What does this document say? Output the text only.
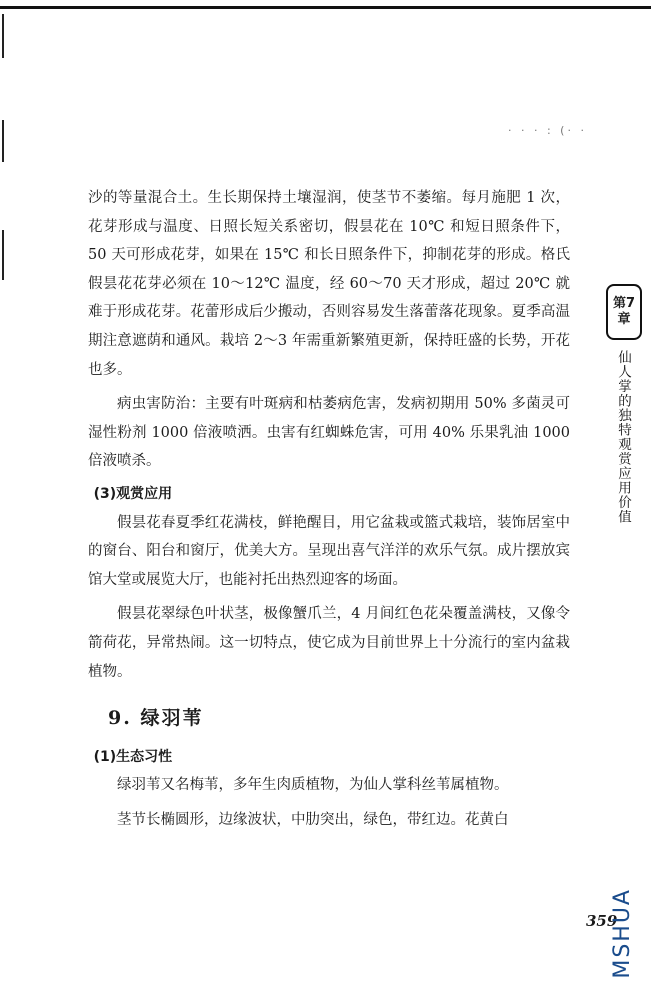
· · · : (· ·

沙的等量混合土。生长期保持土壤湿润，使茎节不萎缩。每月施肥 1 次，花芽形成与温度、日照长短关系密切，假昙花在 10℃ 和短日照条件下，50 天可形成花芽，如果在 15℃ 和长日照条件下，抑制花芽的形成。格氏假昙花花芽必须在 10～12℃ 温度，经 60～70 天才形成，超过 20℃ 就难于形成花芽。花蕾形成后少搬动，否则容易发生落蕾落花现象。夏季高温期注意遮荫和通风。栽培 2～3 年需重新繁殖更新，保持旺盛的长势，开花也多。

病虫害防治：主要有叶斑病和枯萎病危害，发病初期用 50% 多菌灵可湿性粉剂 1000 倍液喷洒。虫害有红蜘蛛危害，可用 40% 乐果乳油 1000 倍液喷杀。

(3)观赏应用

假昙花春夏季红花满枝，鲜艳醒目，用它盆栽或篮式栽培，装饰居室中的窗台、阳台和窗厅，优美大方。呈现出喜气洋洋的欢乐气氛。成片摆放宾馆大堂或展览大厅，也能衬托出热烈迎客的场面。

假昙花翠绿色叶状茎，极像蟹爪兰，4 月间红色花朵覆盖满枝，又像令箭荷花，异常热闹。这一切特点，使它成为目前世界上十分流行的室内盆栽植物。

9. 绿羽苇

(1)生态习性

绿羽苇又名梅苇，多年生肉质植物，为仙人掌科丝苇属植物。

茎节长椭圆形，边缘波状，中肋突出，绿色，带红边。花黄白

第7
章
仙人掌的独特观赏应用价值
359
MSHUA
